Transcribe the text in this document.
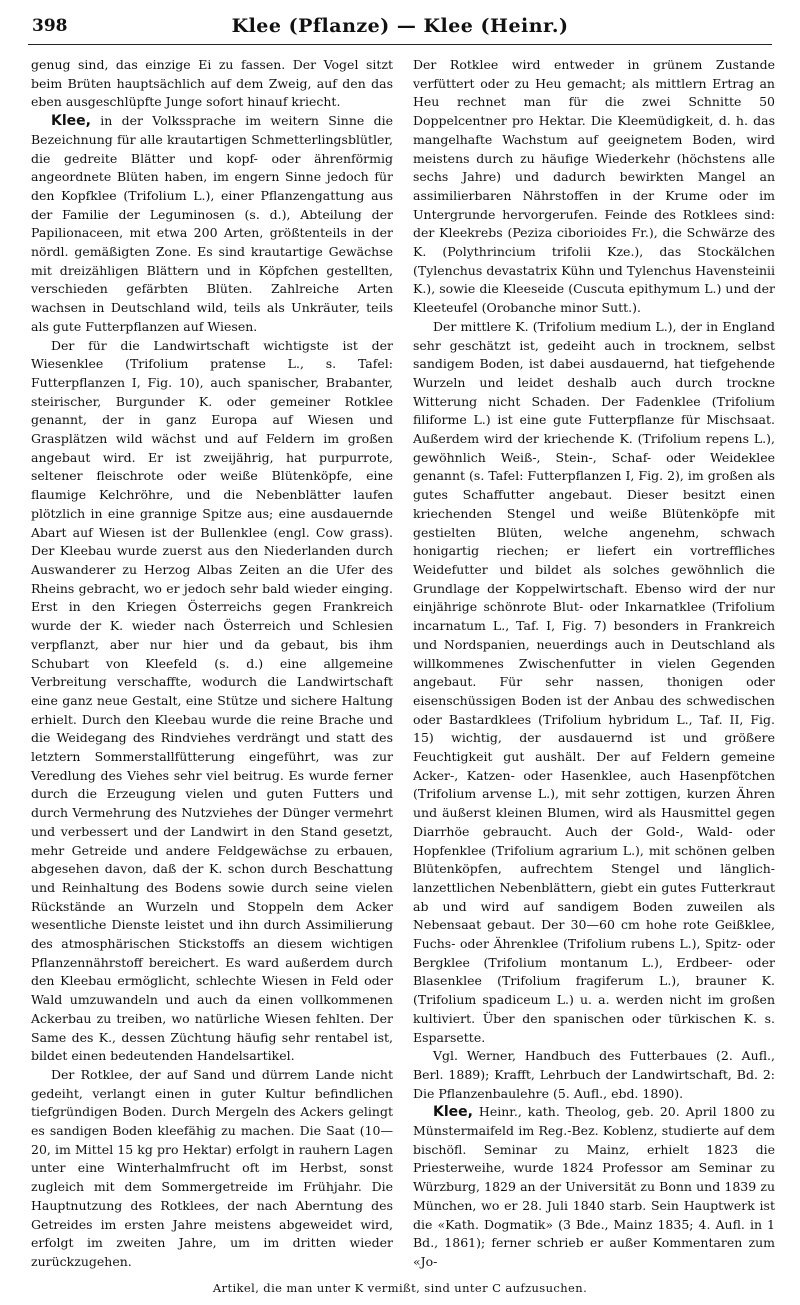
398	Klee (Pflanze) — Klee (Heinr.)

genug sind, das einzige Ei zu fassen. Der Vogel sitzt beim Brüten hauptsächlich auf dem Zweig, auf den das eben ausgeschlüpfte Junge sofort hinauf kriecht.

Klee, in der Volkssprache im weitern Sinne die Bezeichnung für alle krautartigen Schmetterlingsblütler, die gedreite Blätter und kopf- oder ährenförmig angeordnete Blüten haben, im engern Sinne jedoch für den Kopfklee (Trifolium L.), einer Pflanzengattung aus der Familie der Leguminosen (s. d.), Abteilung der Papilionaceen, mit etwa 200 Arten, größtenteils in der nördl. gemäßigten Zone. Es sind krautartige Gewächse mit dreizähligen Blättern und in Köpfchen gestellten, verschieden gefärbten Blüten. Zahlreiche Arten wachsen in Deutschland wild, teils als Unkräuter, teils als gute Futterpflanzen auf Wiesen.

Der für die Landwirtschaft wichtigste ist der Wiesenklee (Trifolium pratense L., s. Tafel: Futterpflanzen I, Fig. 10), auch spanischer, Brabanter, steirischer, Burgunder K. oder gemeiner Rotklee genannt, der in ganz Europa auf Wiesen und Grasplätzen wild wächst und auf Feldern im großen angebaut wird. Er ist zweijährig, hat purpurrote, seltener fleischrote oder weiße Blütenköpfe, eine flaumige Kelchröhre, und die Nebenblätter laufen plötzlich in eine grannige Spitze aus; eine ausdauernde Abart auf Wiesen ist der Bullenklee (engl. Cow grass). Der Kleebau wurde zuerst aus den Niederlanden durch Auswanderer zu Herzog Albas Zeiten an die Ufer des Rheins gebracht, wo er jedoch sehr bald wieder einging. Erst in den Kriegen Österreichs gegen Frankreich wurde der K. wieder nach Österreich und Schlesien verpflanzt, aber nur hier und da gebaut, bis ihm Schubart von Kleefeld (s. d.) eine allgemeine Verbreitung verschaffte, wodurch die Landwirtschaft eine ganz neue Gestalt, eine Stütze und sichere Haltung erhielt. Durch den Kleebau wurde die reine Brache und die Weidegang des Rindviehes verdrängt und statt des letztern Sommerstallfütterung eingeführt, was zur Veredlung des Viehes sehr viel beitrug. Es wurde ferner durch die Erzeugung vielen und guten Futters und durch Vermehrung des Nutzviehes der Dünger vermehrt und verbessert und der Landwirt in den Stand gesetzt, mehr Getreide und andere Feldgewächse zu erbauen, abgesehen davon, daß der K. schon durch Beschattung und Reinhaltung des Bodens sowie durch seine vielen Rückstände an Wurzeln und Stoppeln dem Acker wesentliche Dienste leistet und ihn durch Assimilierung des atmosphärischen Stickstoffs an diesem wichtigen Pflanzennährstoff bereichert. Es ward außerdem durch den Kleebau ermöglicht, schlechte Wiesen in Feld oder Wald umzuwandeln und auch da einen vollkommenen Ackerbau zu treiben, wo natürliche Wiesen fehlten. Der Same des K., dessen Züchtung häufig sehr rentabel ist, bildet einen bedeutenden Handelsartikel.

Der Rotklee, der auf Sand und dürrem Lande nicht gedeiht, verlangt einen in guter Kultur befindlichen tiefgründigen Boden. Durch Mergeln des Ackers gelingt es sandigen Boden kleefähig zu machen. Die Saat (10—20, im Mittel 15 kg pro Hektar) erfolgt in rauhern Lagen unter eine Winterhalmfrucht oft im Herbst, sonst zugleich mit dem Sommergetreide im Frühjahr. Die Hauptnutzung des Rotklees, der nach Aberntung des Getreides im ersten Jahre meistens abgeweidet wird, erfolgt im zweiten Jahre, um im dritten wieder zurückzugehen.

Der Rotklee wird entweder in grünem Zustande verfüttert oder zu Heu gemacht; als mittlern Ertrag an Heu rechnet man für die zwei Schnitte 50 Doppelcentner pro Hektar. Die Kleemüdigkeit, d. h. das mangelhafte Wachstum auf geeignetem Boden, wird meistens durch zu häufige Wiederkehr (höchstens alle sechs Jahre) und dadurch bewirkten Mangel an assimilierbaren Nährstoffen in der Krume oder im Untergrunde hervorgerufen. Feinde des Rotklees sind: der Kleekrebs (Peziza ciborioides Fr.), die Schwärze des K. (Polythrincium trifolii Kze.), das Stockälchen (Tylenchus devastatrix Kühn und Tylenchus Havensteinii K.), sowie die Kleeseide (Cuscuta epithymum L.) und der Kleeteufel (Orobanche minor Sutt.).

Der mittlere K. (Trifolium medium L.), der in England sehr geschätzt ist, gedeiht auch in trocknem, selbst sandigem Boden, ist dabei ausdauernd, hat tiefgehende Wurzeln und leidet deshalb auch durch trockne Witterung nicht Schaden. Der Fadenklee (Trifolium filiforme L.) ist eine gute Futterpflanze für Mischsaat. Außerdem wird der kriechende K. (Trifolium repens L.), gewöhnlich Weiß-, Stein-, Schaf- oder Weideklee genannt (s. Tafel: Futterpflanzen I, Fig. 2), im großen als gutes Schaffutter angebaut. Dieser besitzt einen kriechenden Stengel und weiße Blütenköpfe mit gestielten Blüten, welche angenehm, schwach honigartig riechen; er liefert ein vortreffliches Weidefutter und bildet als solches gewöhnlich die Grundlage der Koppelwirtschaft. Ebenso wird der nur einjährige schönrote Blut- oder Inkarnatklee (Trifolium incarnatum L., Taf. I, Fig. 7) besonders in Frankreich und Nordspanien, neuerdings auch in Deutschland als willkommenes Zwischenfutter in vielen Gegenden angebaut. Für sehr nassen, thonigen oder eisenschüssigen Boden ist der Anbau des schwedischen oder Bastardklees (Trifolium hybridum L., Taf. II, Fig. 15) wichtig, der ausdauernd ist und größere Feuchtigkeit gut aushält. Der auf Feldern gemeine Acker-, Katzen- oder Hasenklee, auch Hasenpfötchen (Trifolium arvense L.), mit sehr zottigen, kurzen Ähren und äußerst kleinen Blumen, wird als Hausmittel gegen Diarrhöe gebraucht. Auch der Gold-, Wald- oder Hopfenklee (Trifolium agrarium L.), mit schönen gelben Blütenköpfen, aufrechtem Stengel und länglich-lanzettlichen Nebenblättern, giebt ein gutes Futterkraut ab und wird auf sandigem Boden zuweilen als Nebensaat gebaut. Der 30—60 cm hohe rote Geißklee, Fuchs- oder Ährenklee (Trifolium rubens L.), Spitz- oder Bergklee (Trifolium montanum L.), Erdbeer- oder Blasenklee (Trifolium fragiferum L.), brauner K. (Trifolium spadiceum L.) u. a. werden nicht im großen kultiviert. Über den spanischen oder türkischen K. s. Esparsette.

Vgl. Werner, Handbuch des Futterbaues (2. Aufl., Berl. 1889); Krafft, Lehrbuch der Landwirtschaft, Bd. 2: Die Pflanzenbaulehre (5. Aufl., ebd. 1890).

Klee, Heinr., kath. Theolog, geb. 20. April 1800 zu Münstermaifeld im Reg.-Bez. Koblenz, studierte auf dem bischöfl. Seminar zu Mainz, erhielt 1823 die Priesterweihe, wurde 1824 Professor am Seminar zu Würzburg, 1829 an der Universität zu Bonn und 1839 zu München, wo er 28. Juli 1840 starb. Sein Hauptwerk ist die «Kath. Dogmatik» (3 Bde., Mainz 1835; 4. Aufl. in 1 Bd., 1861); ferner schrieb er außer Kommentaren zum «Jo-

Artikel, die man unter K vermißt, sind unter C aufzusuchen.
